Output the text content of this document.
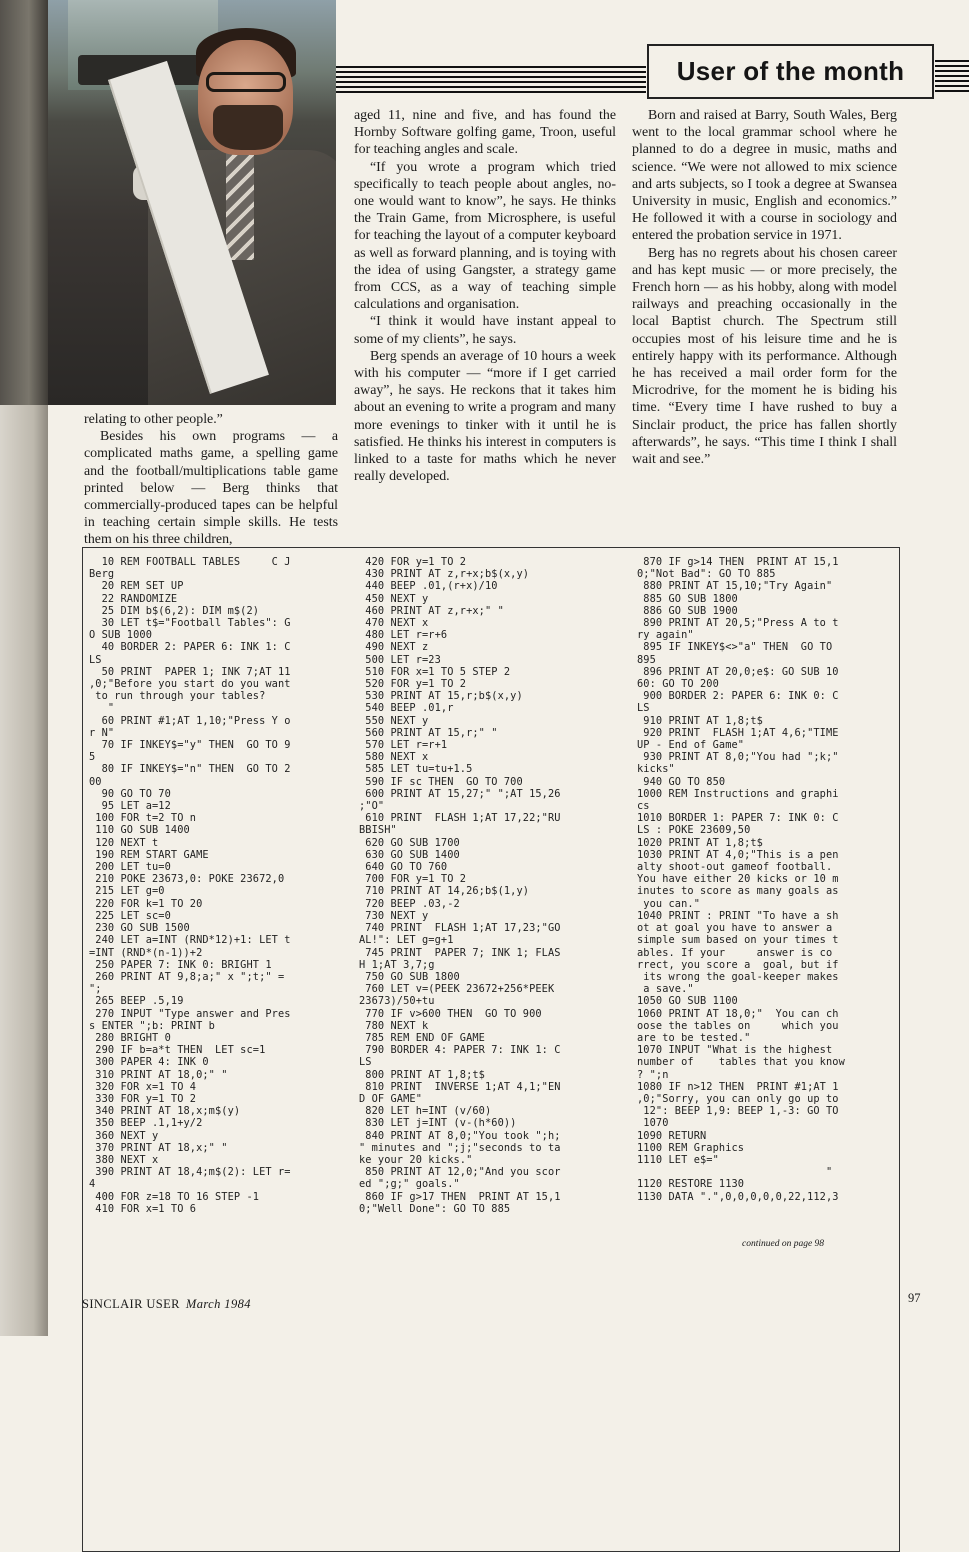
User of the month

relating to other people.”

Besides his own programs — a complicated maths game, a spelling game and the football/multiplications table game printed below — Berg thinks that commercially-produced tapes can be helpful in teaching certain simple skills. He tests them on his three children,

aged 11, nine and five, and has found the Hornby Software golfing game, Troon, useful for teaching angles and scale.

“If you wrote a program which tried specifically to teach people about angles, no-one would want to know”, he says. He thinks the Train Game, from Microsphere, is useful for teaching the layout of a computer keyboard as well as forward planning, and is toying with the idea of using Gangster, a strategy game from CCS, as a way of teaching simple calculations and organisation.

“I think it would have instant appeal to some of my clients”, he says.

Berg spends an average of 10 hours a week with his computer — “more if I get carried away”, he says. He reckons that it takes him about an evening to write a program and many more evenings to tinker with it until he is satisfied. He thinks his interest in computers is linked to a taste for maths which he never really developed.

Born and raised at Barry, South Wales, Berg went to the local grammar school where he planned to do a degree in music, maths and science. “We were not allowed to mix science and arts subjects, so I took a degree at Swansea University in music, English and economics.” He followed it with a course in sociology and entered the probation service in 1971.

Berg has no regrets about his chosen career and has kept music — or more precisely, the French horn — as his hobby, along with model railways and preaching occasionally in the local Baptist church. The Spectrum still occupies most of his leisure time and he is entirely happy with its performance. Although he has received a mail order form for the Microdrive, for the moment he is biding his time. “Every time I have rushed to buy a Sinclair product, the price has fallen shortly afterwards”, he says. “This time I think I shall wait and see.”

10 REM FOOTBALL TABLES     C J
Berg
20 REM SET UP
22 RANDOMIZE
25 DIM b$(6,2): DIM m$(2)
30 LET t$="Football Tables": G
O SUB 1000
40 BORDER 2: PAPER 6: INK 1: C
LS
50 PRINT  PAPER 1; INK 7;AT 11
,0;"Before you start do you want
to run through your tables?
"
60 PRINT #1;AT 1,10;"Press Y o
r N"
70 IF INKEY$="y" THEN  GO TO 9
5
80 IF INKEY$="n" THEN  GO TO 2
00
90 GO TO 70
95 LET a=12
100 FOR t=2 TO n
110 GO SUB 1400
120 NEXT t
190 REM START GAME
200 LET tu=0
210 POKE 23673,0: POKE 23672,0
215 LET g=0
220 FOR k=1 TO 20
225 LET sc=0
230 GO SUB 1500
240 LET a=INT (RND*12)+1: LET t
=INT (RND*(n-1))+2
250 PAPER 7: INK 0: BRIGHT 1
260 PRINT AT 9,8;a;" x ";t;" =
";
265 BEEP .5,19
270 INPUT "Type answer and Pres
s ENTER ";b: PRINT b
280 BRIGHT 0
290 IF b=a*t THEN  LET sc=1
300 PAPER 4: INK 0
310 PRINT AT 18,0;" "
320 FOR x=1 TO 4
330 FOR y=1 TO 2
340 PRINT AT 18,x;m$(y)
350 BEEP .1,1+y/2
360 NEXT y
370 PRINT AT 18,x;" "
380 NEXT x
390 PRINT AT 18,4;m$(2): LET r=
4
400 FOR z=18 TO 16 STEP -1
410 FOR x=1 TO 6
420 FOR y=1 TO 2
430 PRINT AT z,r+x;b$(x,y)
440 BEEP .01,(r+x)/10
450 NEXT y
460 PRINT AT z,r+x;" "
470 NEXT x
480 LET r=r+6
490 NEXT z
500 LET r=23
510 FOR x=1 TO 5 STEP 2
520 FOR y=1 TO 2
530 PRINT AT 15,r;b$(x,y)
540 BEEP .01,r
550 NEXT y
560 PRINT AT 15,r;" "
570 LET r=r+1
580 NEXT x
585 LET tu=tu+1.5
590 IF sc THEN  GO TO 700
600 PRINT AT 15,27;" ";AT 15,26
;"O"
610 PRINT  FLASH 1;AT 17,22;"RU
BBISH"
620 GO SUB 1700
630 GO SUB 1400
640 GO TO 760
700 FOR y=1 TO 2
710 PRINT AT 14,26;b$(1,y)
720 BEEP .03,-2
730 NEXT y
740 PRINT  FLASH 1;AT 17,23;"GO
AL!": LET g=g+1
745 PRINT  PAPER 7; INK 1; FLAS
H 1;AT 3,7;g
750 GO SUB 1800
760 LET v=(PEEK 23672+256*PEEK
23673)/50+tu
770 IF v>600 THEN  GO TO 900
780 NEXT k
785 REM END OF GAME
790 BORDER 4: PAPER 7: INK 1: C
LS
800 PRINT AT 1,8;t$
810 PRINT  INVERSE 1;AT 4,1;"EN
D OF GAME"
820 LET h=INT (v/60)
830 LET j=INT (v-(h*60))
840 PRINT AT 8,0;"You took ";h;
" minutes and ";j;"seconds to ta
ke your 20 kicks."
850 PRINT AT 12,0;"And you scor
ed ";g;" goals."
860 IF g>17 THEN  PRINT AT 15,1
0;"Well Done": GO TO 885
870 IF g>14 THEN  PRINT AT 15,1
0;"Not Bad": GO TO 885
880 PRINT AT 15,10;"Try Again"
885 GO SUB 1800
886 GO SUB 1900
890 PRINT AT 20,5;"Press A to t
ry again"
895 IF INKEY$<>"a" THEN  GO TO
895
896 PRINT AT 20,0;e$: GO SUB 10
60: GO TO 200
900 BORDER 2: PAPER 6: INK 0: C
LS
910 PRINT AT 1,8;t$
920 PRINT  FLASH 1;AT 4,6;"TIME
UP - End of Game"
930 PRINT AT 8,0;"You had ";k;"
kicks"
940 GO TO 850
1000 REM Instructions and graphi
cs
1010 BORDER 1: PAPER 7: INK 0: C
LS : POKE 23609,50
1020 PRINT AT 1,8;t$
1030 PRINT AT 4,0;"This is a pen
alty shoot-out gameof football.
You have either 20 kicks or 10 m
inutes to score as many goals as
you can."
1040 PRINT : PRINT "To have a sh
ot at goal you have to answer a
simple sum based on your times t
ables. If your     answer is co
rrect, you score a  goal, but if
its wrong the goal-keeper makes
a save."
1050 GO SUB 1100
1060 PRINT AT 18,0;"  You can ch
oose the tables on     which you
are to be tested."
1070 INPUT "What is the highest
number of    tables that you know
? ";n
1080 IF n>12 THEN  PRINT #1;AT 1
,0;"Sorry, you can only go up to
12": BEEP 1,9: BEEP 1,-3: GO TO
1070
1090 RETURN
1100 REM Graphics
1110 LET e$="
"
1120 RESTORE 1130
1130 DATA ".",0,0,0,0,0,22,112,3
continued on page 98
SINCLAIR USER March 1984	97
